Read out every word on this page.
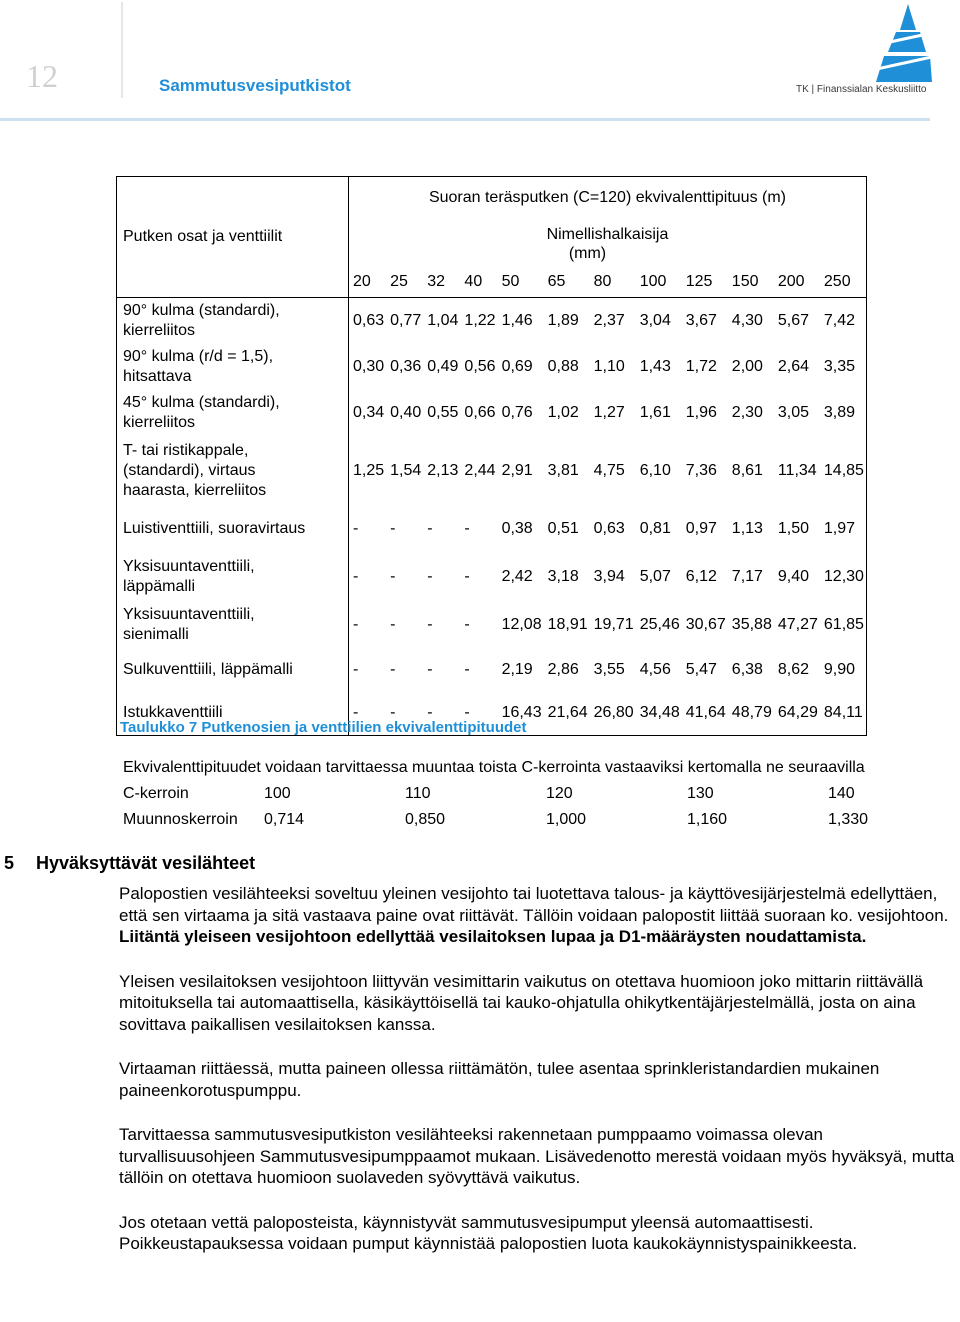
12	Sammutusvesiputkistot	TK | Finanssialan Keskusliitto
Putken osat ja venttiilit	Suoran teräsputken (C=120) ekvivalenttipituus (m)											

	Nimellishalkaisija
(mm)											

	20	25	32	40	50	65	80	100	125	150	200	250

90° kulma (standardi),
kierreliitos	0,63	0,77	1,04	1,22	1,46	1,89	2,37	3,04	3,67	4,30	5,67	7,42

90° kulma (r/d = 1,5),
hitsattava	0,30	0,36	0,49	0,56	0,69	0,88	1,10	1,43	1,72	2,00	2,64	3,35

45° kulma (standardi),
kierreliitos	0,34	0,40	0,55	0,66	0,76	1,02	1,27	1,61	1,96	2,30	3,05	3,89

T- tai ristikappale,
(standardi), virtaus
haarasta, kierreliitos	1,25	1,54	2,13	2,44	2,91	3,81	4,75	6,10	7,36	8,61	11,34	14,85

Luistiventtiili, suoravirtaus	-	-	-	-	0,38	0,51	0,63	0,81	0,97	1,13	1,50	1,97

Yksisuuntaventtiili,
läppämalli	-	-	-	-	2,42	3,18	3,94	5,07	6,12	7,17	9,40	12,30

Yksisuuntaventtiili,
sienimalli	-	-	-	-	12,08	18,91	19,71	25,46	30,67	35,88	47,27	61,85

Sulkuventtiili, läppämalli	-	-	-	-	2,19	2,86	3,55	4,56	5,47	6,38	8,62	9,90

Istukkaventtiili	-	-	-	-	16,43	21,64	26,80	34,48	41,64	48,79	64,29	84,11
Taulukko 7 Putkenosien ja venttiilien ekvivalenttipituudet
Ekvivalenttipituudet voidaan tarvittaessa muuntaa toista C-kerrointa vastaaviksi kertomalla ne seuraavilla
C-kerroin	100	110	120	130	140
Muunnoskerroin 0,714	0,850	1,000	1,160	1,330
5 Hyväksyttävät vesilähteet

Palopostien vesilähteeksi soveltuu yleinen vesijohto tai luotettava talous- ja käyttövesijärjestelmä edellyttäen, että sen virtaama ja sitä vastaava paine ovat riittävät. Tällöin voidaan palopostit liittää suoraan ko. vesijohtoon. Liitäntä yleiseen vesijohtoon edellyttää vesilaitoksen lupaa ja D1-määräysten noudattamista.

Yleisen vesilaitoksen vesijohtoon liittyvän vesimittarin vaikutus on otettava huomioon joko mittarin riittävällä mitoituksella tai automaattisella, käsikäyttöisellä tai kauko-ohjatulla ohikytkentäjärjestelmällä, josta on aina sovittava paikallisen vesilaitoksen kanssa.

Virtaaman riittäessä, mutta paineen ollessa riittämätön, tulee asentaa sprinkleristandardien mukainen paineenkorotuspumppu.

Tarvittaessa sammutusvesiputkiston vesilähteeksi rakennetaan pumppaamo voimassa olevan turvallisuusohjeen Sammutusvesipumppaamot mukaan. Lisävedenotto merestä voidaan myös hyväksyä, mutta tällöin on otettava huomioon suolaveden syövyttävä vaikutus.

Jos otetaan vettä paloposteista, käynnistyvät sammutusvesipumput yleensä automaattisesti. Poikkeustapauksessa voidaan pumput käynnistää palopostien luota kaukokäynnistyspainikkeesta.
